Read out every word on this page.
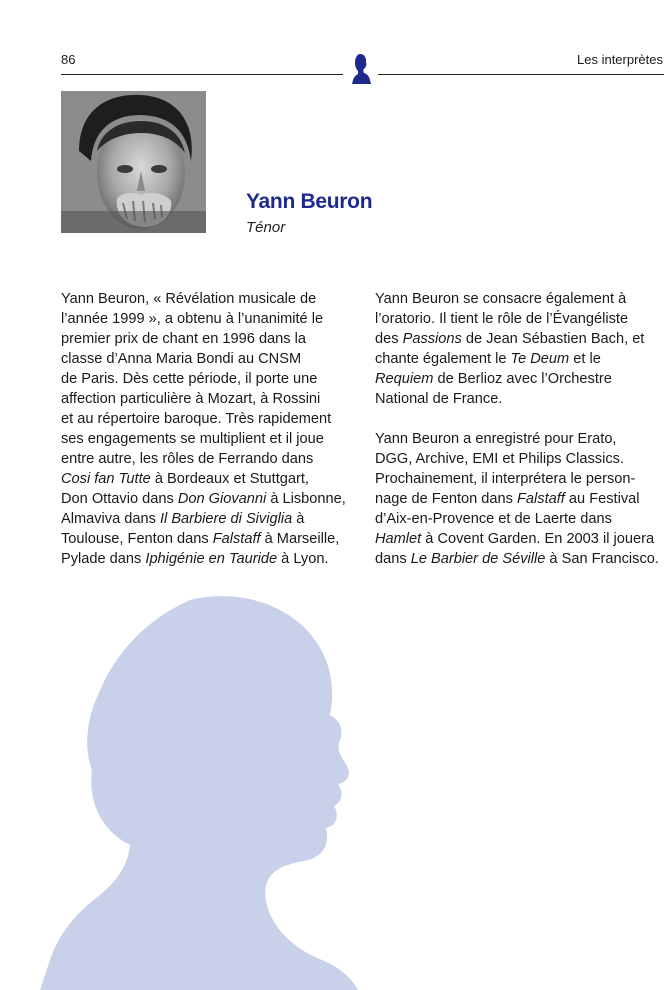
86	Les interprètes
Yann Beuron
Ténor
Yann Beuron, « Révélation musicale de
l’année 1999 », a obtenu à l’unanimité le
premier prix de chant en 1996 dans la
classe d’Anna Maria Bondi au CNSM
de Paris. Dès cette période, il porte une
affection particulière à Mozart, à Rossini
et au répertoire baroque. Très rapidement
ses engagements se multiplient et il joue
entre autre, les rôles de Ferrando dans
Cosi fan Tutte à Bordeaux et Stuttgart,
Don Ottavio dans Don Giovanni à Lisbonne,
Almaviva dans Il Barbiere di Siviglia à
Toulouse, Fenton dans Falstaff à Marseille,
Pylade dans Iphigénie en Tauride à Lyon.
Yann Beuron se consacre également à
l’oratorio. Il tient le rôle de l’Évangéliste
des Passions de Jean Sébastien Bach, et
chante également le Te Deum et le
Requiem de Berlioz avec l’Orchestre
National de France.
Yann Beuron a enregistré pour Erato,
DGG, Archive, EMI et Philips Classics.
Prochainement, il interprétera le person-
nage de Fenton dans Falstaff au Festival
d’Aix-en-Provence et de Laerte dans
Hamlet à Covent Garden. En 2003 il jouera
dans Le Barbier de Séville à San Francisco.
